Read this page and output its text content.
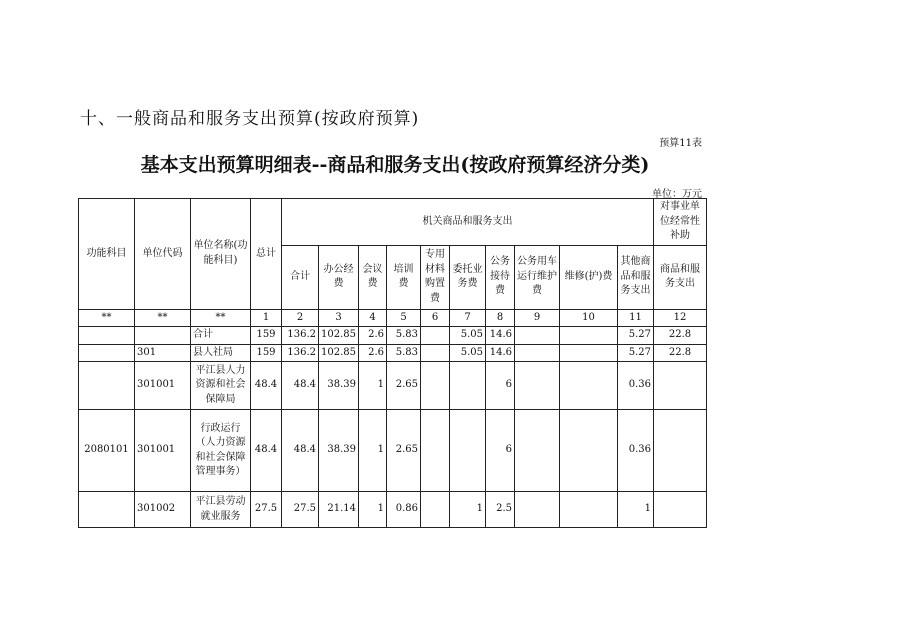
十、一般商品和服务支出预算(按政府预算)
预算11表
基本支出预算明细表--商品和服务支出(按政府预算经济分类)
单位：万元
功能科目	单位代码	单位名称(功能科目)	总计	机关商品和服务支出										对事业单位经常性补助
				合计	办公经费	会议费	培训费	专用材料购置费	委托业务费	公务接待费	公务用车运行维护费	维修(护)费	其他商品和服务支出	商品和服务支出
**	**	**	1	2	3	4	5	6	7	8	9	10	11	12
		合计	159	136.2	102.85	2.6	5.83		5.05	14.6			5.27	22.8
	301	县人社局	159	136.2	102.85	2.6	5.83		5.05	14.6			5.27	22.8
	301001	平江县人力资源和社会保障局	48.4	48.4	38.39	1	2.65			6			0.36	
2080101	301001	行政运行（人力资源和社会保障管理事务）	48.4	48.4	38.39	1	2.65			6			0.36	
	301002	平江县劳动就业服务	27.5	27.5	21.14	1	0.86		1	2.5			1	
